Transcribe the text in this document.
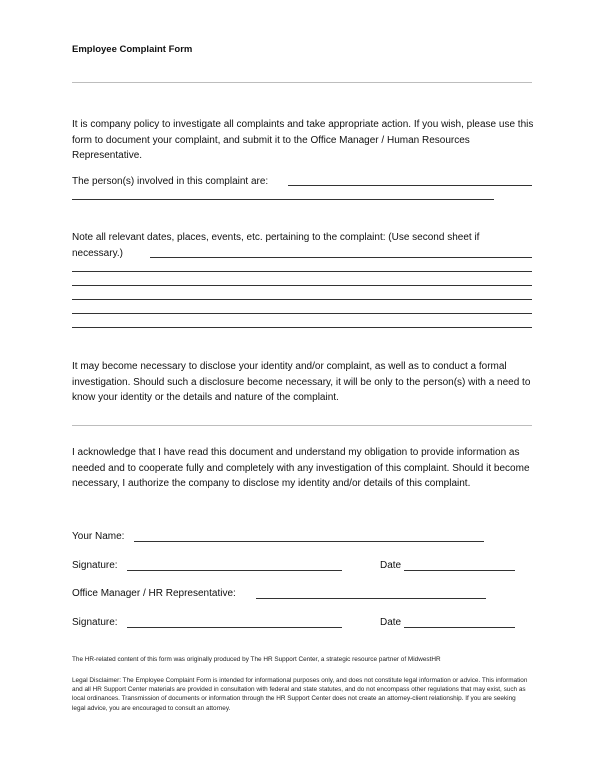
Employee Complaint Form
It is company policy to investigate all complaints and take appropriate action. If you wish, please use this form to document your complaint, and submit it to the Office Manager / Human Resources Representative.
The person(s) involved in this complaint are:
Note all relevant dates, places, events, etc. pertaining to the complaint: (Use second sheet if necessary.)
It may become necessary to disclose your identity and/or complaint, as well as to conduct a formal investigation. Should such a disclosure become necessary, it will be only to the person(s) with a need to know your identity or the details and nature of the complaint.
I acknowledge that I have read this document and understand my obligation to provide information as needed and to cooperate fully and completely with any investigation of this complaint. Should it become necessary, I authorize the company to disclose my identity and/or details of this complaint.
Your Name:
Signature:	Date
Office Manager / HR Representative:
Signature:	Date
The HR-related content of this form was originally produced by The HR Support Center, a strategic resource partner of MidwestHR
Legal Disclaimer: The Employee Complaint Form is intended for informational purposes only, and does not constitute legal information or advice. This information and all HR Support Center materials are provided in consultation with federal and state statutes, and do not encompass other regulations that may exist, such as local ordinances. Transmission of documents or information through the HR Support Center does not create an attorney-client relationship. If you are seeking legal advice, you are encouraged to consult an attorney.
